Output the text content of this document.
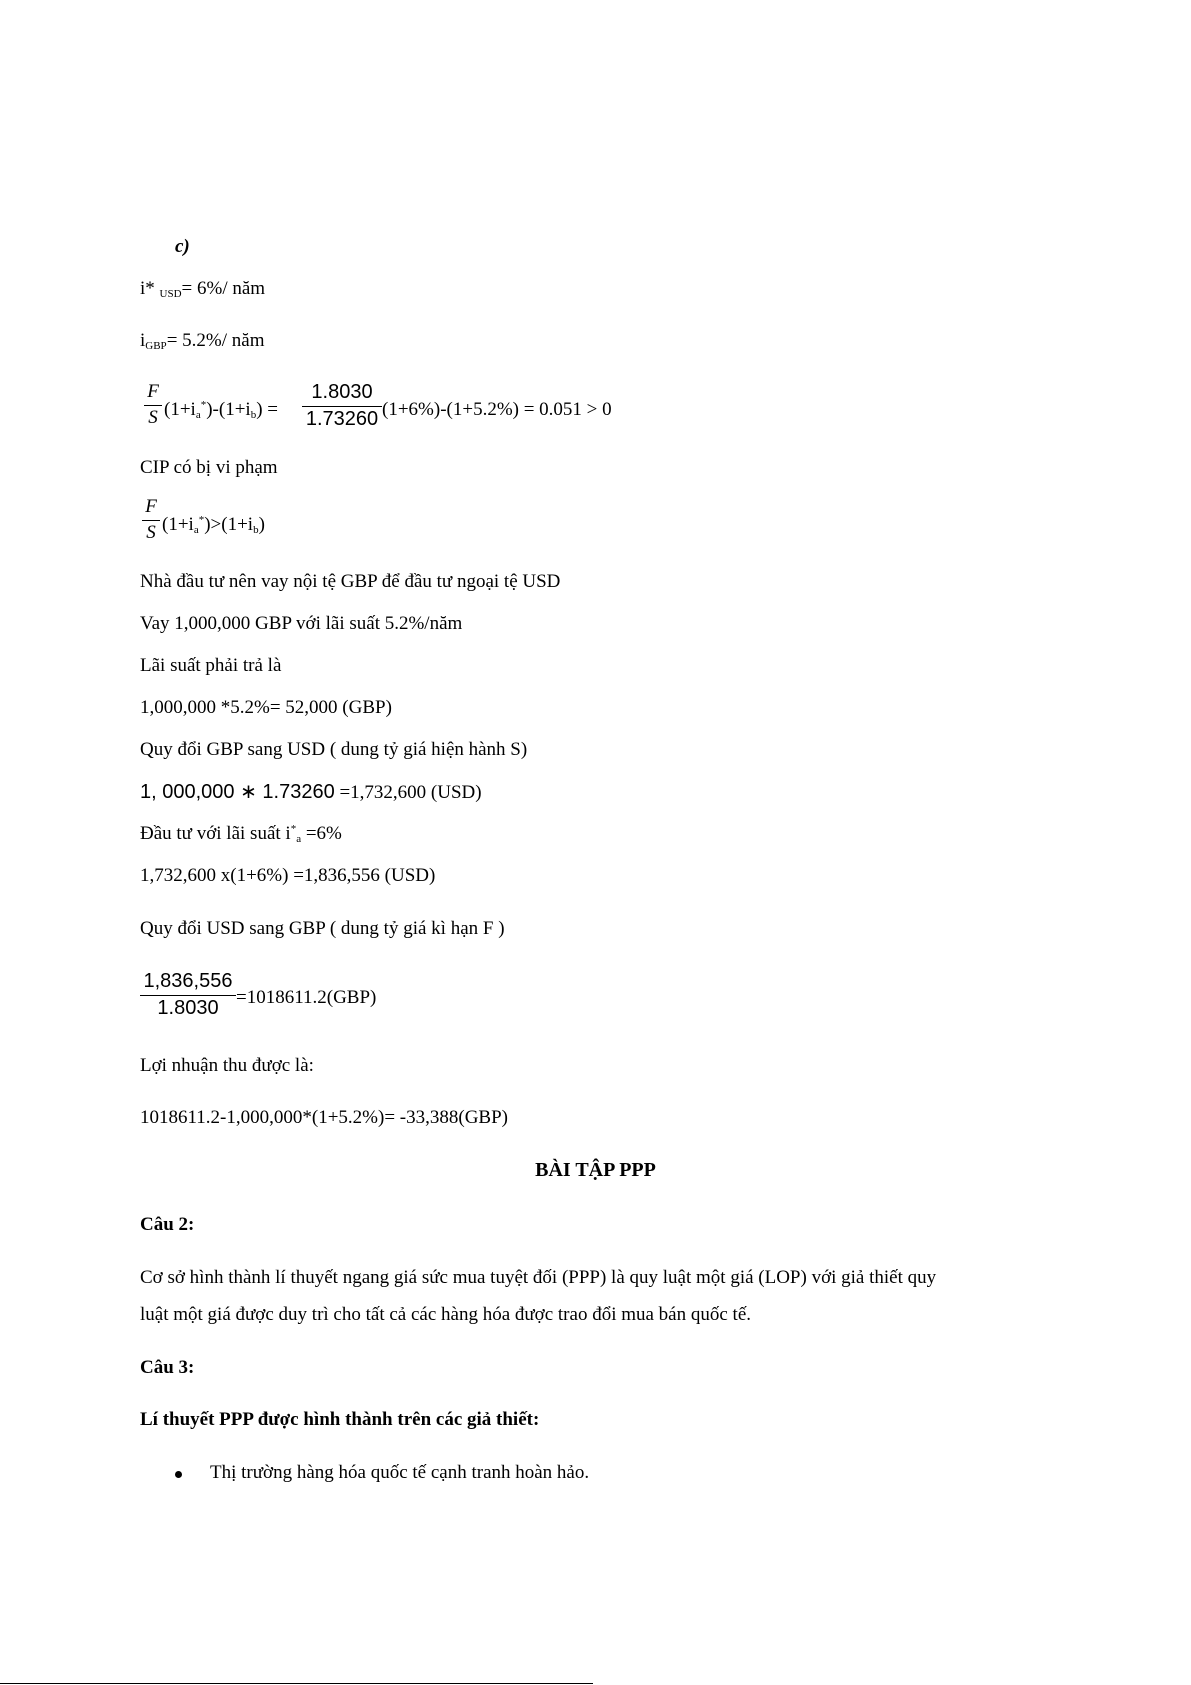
c)
i* $_{USD}$= 6%/ năm
$i_{GBP}= 5.2\%/$ năm
F
S $(1+i_a^*)-(1+i_b)$ =
1.8030
1.73260 (1+6%)-(1+5.2%) = 0.051 > 0
CIP có bị vi phạm
F
S $(1+i_a^*)>(1+i_b)$
Nhà đầu tư nên vay nội tệ GBP để đầu tư ngoại tệ USD
Vay 1,000,000 GBP với lãi suất 5.2%/năm
Lãi suất phải trả là
1,000,000 *5.2%= 52,000 (GBP)
Quy đổi GBP sang USD ( dung tỷ giá hiện hành S)
1, 000,000 ∗ 1.73260 =1,732,600 (USD)
Đầu tư với lãi suất $i^*_a =6\%$
1,732,600 x(1+6%) =1,836,556 (USD)
Quy đổi USD sang GBP ( dung tỷ giá kì hạn F )
1,836,556
1.8030 =1018611.2(GBP)
Lợi nhuận thu được là:
1018611.2-1,000,000*(1+5.2%)= -33,388(GBP)
BÀI TẬP PPP
Câu 2:
Cơ sở hình thành lí thuyết ngang giá sức mua tuyệt đối (PPP) là quy luật một giá (LOP) với giả thiết quy
luật một giá được duy trì cho tất cả các hàng hóa được trao đổi mua bán quốc tế.
Câu 3:
Lí thuyết PPP được hình thành trên các giả thiết:
Thị trường hàng hóa quốc tế cạnh tranh hoàn hảo.
